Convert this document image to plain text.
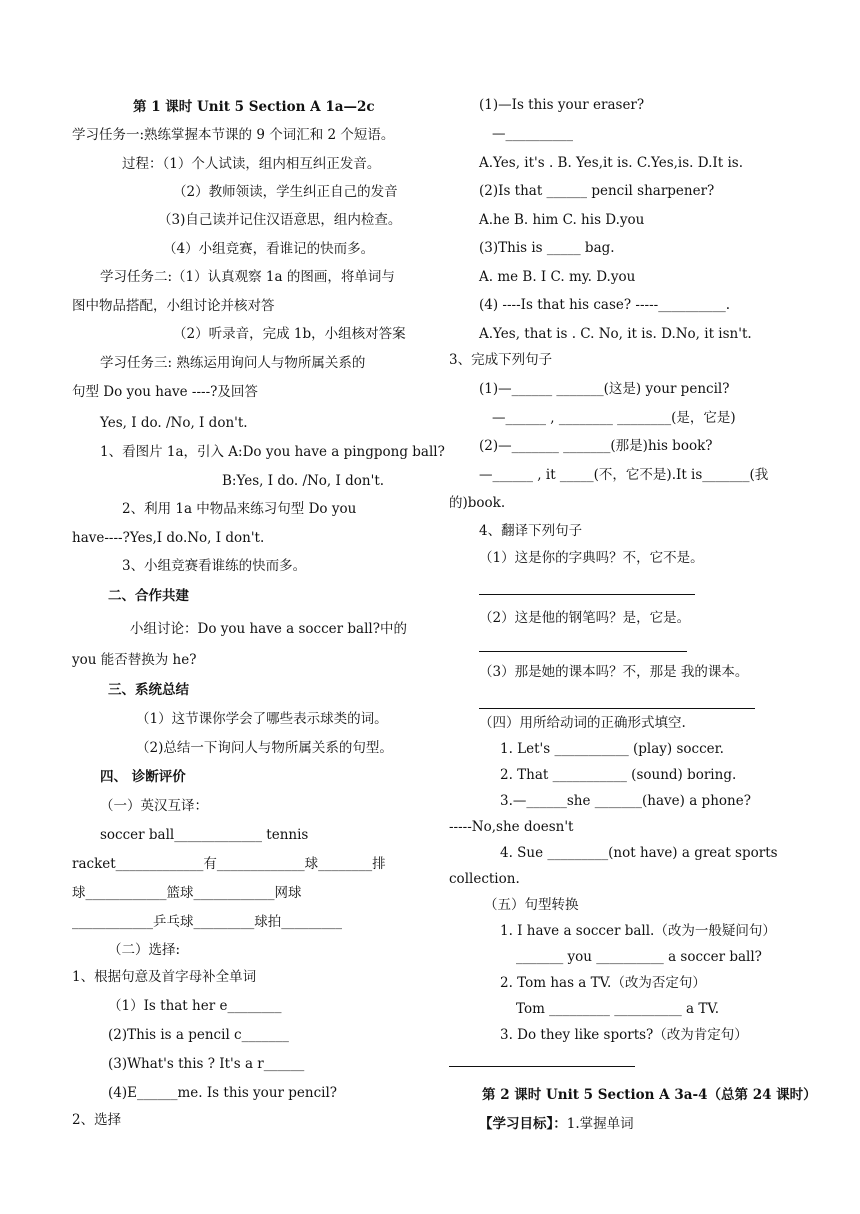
第 1 课时 Unit 5 Section A 1a—2c
学习任务一:熟练掌握本节课的 9 个词汇和 2 个短语。
过程：（1）个人试读，组内相互纠正发音。
（2）教师领读，学生纠正自己的发音
（3)自己读并记住汉语意思，组内检查。
（4）小组竞赛，看谁记的快而多。
学习任务二:（1）认真观察 1a 的图画，将单词与
图中物品搭配，小组讨论并核对答
（2）听录音，完成 1b，小组核对答案
学习任务三: 熟练运用询问人与物所属关系的
句型 Do you have ----?及回答
Yes, I do. /No, I don't.
1、看图片 1a，引入 A:Do you have a pingpong ball?
B:Yes, I do. /No, I don't.
2、利用 1a 中物品来练习句型 Do you
have----?Yes,I do.No, I don't.
3、小组竞赛看谁练的快而多。
二、合作共建
小组讨论：Do you have a soccer ball?中的
you 能否替换为 he?
三、系统总结
（1）这节课你学会了哪些表示球类的词。
（2)总结一下询问人与物所属关系的句型。
四、 诊断评价
（一）英汉互译：
soccer ball_____________ tennis
racket_____________有_____________球________排
球____________篮球____________网球
____________乒乓球_________球拍_________
（二）选择:
1、根据句意及首字母补全单词
（1）Is that her e________
(2)This is a pencil c_______
(3)What's this ? It's a r______
(4)E______me. Is this your pencil?
2、选择
(1)—Is this your eraser?
—__________
A.Yes, it's . B. Yes,it is. C.Yes,is. D.It is.
(2)Is that ______ pencil sharpener?
A.he B. him C. his D.you
(3)This is _____ bag.
A. me B. I C. my. D.you
(4) ----Is that his case? -----__________.
A.Yes, that is . C. No, it is. D.No, it isn't.
3、完成下列句子
(1)—______ _______(这是) your pencil?
—______ , ________ ________(是，它是)
(2)—_______ _______(那是)his book?
—______ , it _____(不，它不是).It is_______(我
的)book.
4、翻译下列句子
（1）这是你的字典吗？不，它不是。
（2）这是他的钢笔吗？是，它是。
（3）那是她的课本吗？不，那是 我的课本。
（四）用所给动词的正确形式填空.
1. Let's ___________ (play) soccer.
2. That ___________ (sound) boring.
3.—______she _______(have) a phone?
-----No,she doesn't
4. Sue _________(not have) a great sports
collection.
（五）句型转换
1. I have a soccer ball.（改为一般疑问句）
_______ you __________ a soccer ball?
2. Tom has a TV.（改为否定句）
Tom _________ __________ a TV.
3. Do they like sports?（改为肯定句）
第 2 课时 Unit 5 Section A 3a-4（总第 24 课时）
【学习目标】：1.掌握单词
